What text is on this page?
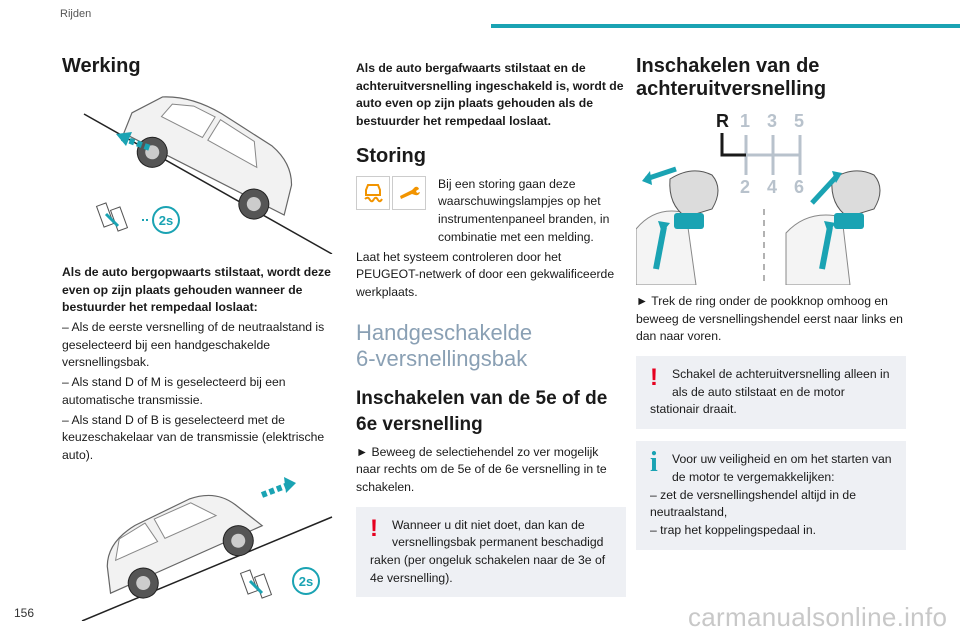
Rijden
Werking
2s

Als de auto bergopwaarts stilstaat, wordt deze even op zijn plaats gehouden wanneer de bestuurder het rempedaal loslaat:

– Als de eerste versnelling of de neutraalstand is geselecteerd bij een handgeschakelde versnellingsbak.

– Als stand D of M is geselecteerd bij een automatische transmissie.

– Als stand D of B is geselecteerd met de keuzeschakelaar van de transmissie (elektrische auto).

2s

Als de auto bergafwaarts stilstaat en de achteruitversnelling ingeschakeld is, wordt de auto even op zijn plaats gehouden als de bestuurder het rempedaal loslaat.

Storing

Bij een storing gaan deze waarschuwingslampjes op het instrumentenpaneel branden, in combinatie met een melding.

Laat het systeem controleren door het PEUGEOT-netwerk of door een gekwalificeerde werkplaats.

Handgeschakelde
6-versnellingsbak
Inschakelen van de 5e of de 6e versnelling

► Beweeg de selectiehendel zo ver mogelijk naar rechts om de 5e of de 6e versnelling in te schakelen.

!	Wanneer u dit niet doet, dan kan de versnellingsbak permanent beschadigd

raken (per ongeluk schakelen naar de 3e of 4e versnelling).

Inschakelen van de
achteruitversnelling
R 1 3 5
2 4 6

► Trek de ring onder de pookknop omhoog en beweeg de versnellingshendel eerst naar links en dan naar voren.

!	Schakel de achteruitversnelling alleen in als de auto stilstaat en de motor

stationair draait.

i	Voor uw veiligheid en om het starten van de motor te vergemakkelijken:

– zet de versnellingshendel altijd in de neutraalstand,

– trap het koppelingspedaal in.

156	carmanualsonline.info
